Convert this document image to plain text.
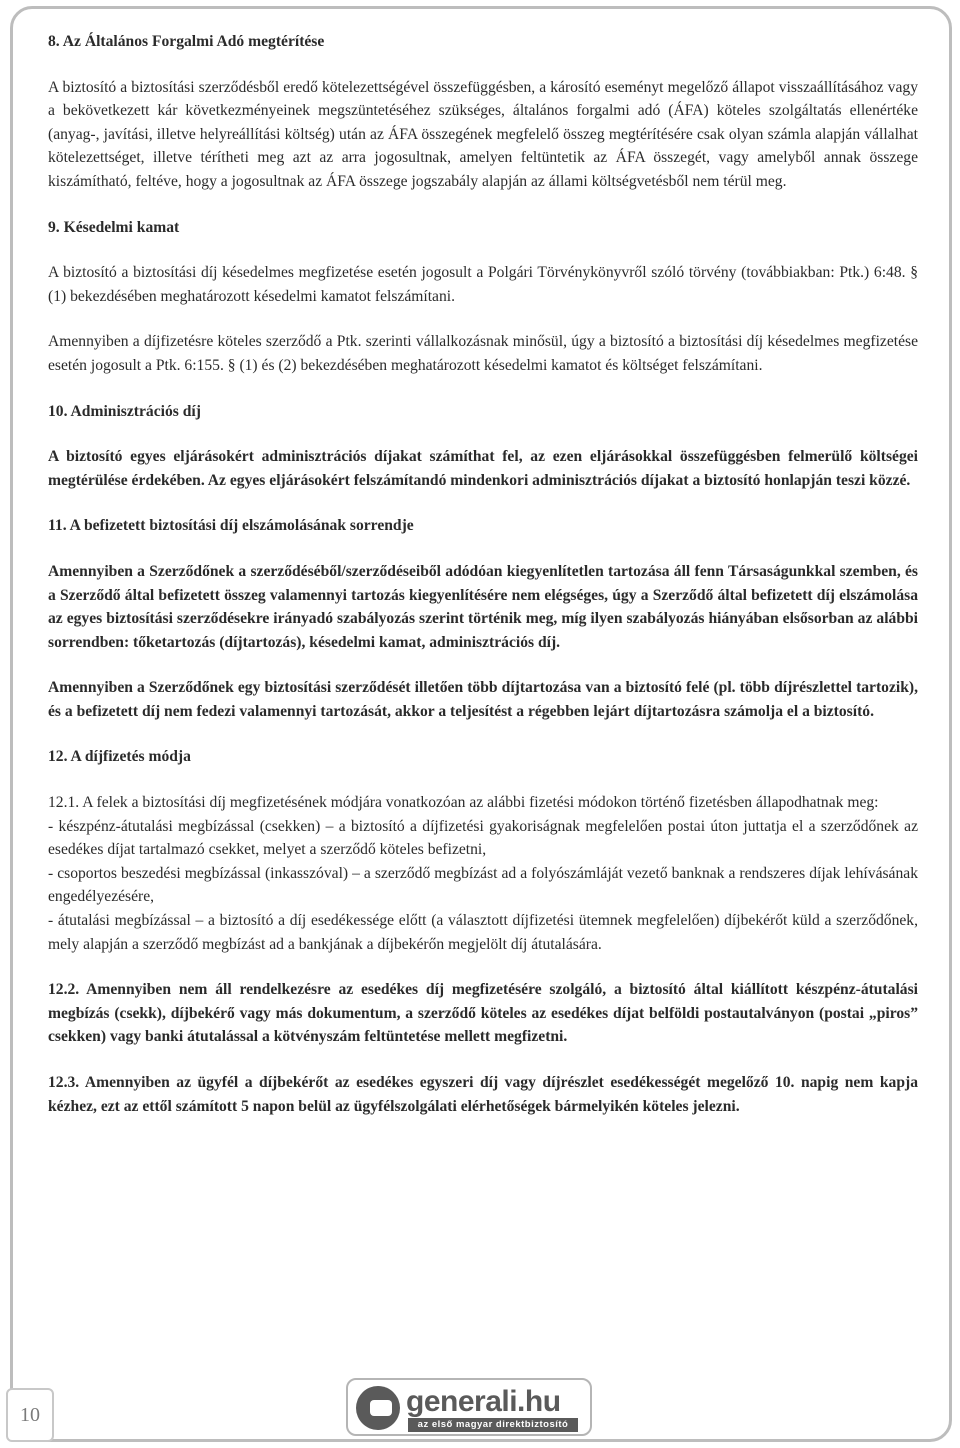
8. Az Általános Forgalmi Adó megtérítése

A biztosító a biztosítási szerződésből eredő kötelezettségével összefüggésben, a károsító eseményt megelőző állapot visszaállításához vagy a bekövetkezett kár következményeinek megszüntetéséhez szükséges, általános forgalmi adó (ÁFA) köteles szolgáltatás ellenértéke (anyag-, javítási, illetve helyreállítási költség) után az ÁFA összegének megfelelő összeg megtérítésére csak olyan számla alapján vállalhat kötelezettséget, illetve térítheti meg azt az arra jogosultnak, amelyen feltüntetik az ÁFA összegét, vagy amelyből annak összege kiszámítható, feltéve, hogy a jogosultnak az ÁFA összege jogszabály alapján az állami költségvetésből nem térül meg.

9. Késedelmi kamat

A biztosító a biztosítási díj késedelmes megfizetése esetén jogosult a Polgári Törvénykönyvről szóló törvény (továbbiakban: Ptk.) 6:48. § (1) bekezdésében meghatározott késedelmi kamatot felszámítani.

Amennyiben a díjfizetésre köteles szerződő a Ptk. szerinti vállalkozásnak minősül, úgy a biztosító a biztosítási díj késedelmes megfizetése esetén jogosult a Ptk. 6:155. § (1) és (2) bekezdésében meghatározott késedelmi kamatot és költséget felszámítani.

10. Adminisztrációs díj

A biztosító egyes eljárásokért adminisztrációs díjakat számíthat fel, az ezen eljárásokkal összefüggésben felmerülő költségei megtérülése érdekében. Az egyes eljárásokért felszámítandó mindenkori adminisztrációs díjakat a biztosító honlapján teszi közzé.

11. A befizetett biztosítási díj elszámolásának sorrendje

Amennyiben a Szerződőnek a szerződéséből/szerződéseiből adódóan kiegyenlítetlen tartozása áll fenn Társaságunkkal szemben, és a Szerződő által befizetett összeg valamennyi tartozás kiegyenlítésére nem elégséges, úgy a Szerződő által befizetett díj elszámolása az egyes biztosítási szerződésekre irányadó szabályozás szerint történik meg, míg ilyen szabályozás hiányában elsősorban az alábbi sorrendben: tőketartozás (díjtartozás), késedelmi kamat, adminisztrációs díj.

Amennyiben a Szerződőnek egy biztosítási szerződését illetően több díjtartozása van a biztosító felé (pl. több díjrészlettel tartozik), és a befizetett díj nem fedezi valamennyi tartozását, akkor a teljesítést a régebben lejárt díjtartozásra számolja el a biztosító.

12. A díjfizetés módja

12.1. A felek a biztosítási díj megfizetésének módjára vonatkozóan az alábbi fizetési módokon történő fizetésben állapodhatnak meg:

- készpénz-átutalási megbízással (csekken) – a biztosító a díjfizetési gyakoriságnak megfelelően postai úton juttatja el a szerződőnek az esedékes díjat tartalmazó csekket, melyet a szerződő köteles befizetni,

- csoportos beszedési megbízással (inkasszóval) – a szerződő megbízást ad a folyószámláját vezető banknak a rendszeres díjak lehívásának engedélyezésére,

- átutalási megbízással – a biztosító a díj esedékessége előtt (a választott díjfizetési ütemnek megfelelően) díjbekérőt küld a szerződőnek, mely alapján a szerződő megbízást ad a bankjának a díjbekérőn megjelölt díj átutalására.

12.2. Amennyiben nem áll rendelkezésre az esedékes díj megfizetésére szolgáló, a biztosító által kiállított készpénz-átutalási megbízás (csekk), díjbekérő vagy más dokumentum, a szerződő köteles az esedékes díjat belföldi postautalványon (postai „piros” csekken) vagy banki átutalással a kötvényszám feltüntetése mellett megfizetni.

12.3. Amennyiben az ügyfél a díjbekérőt az esedékes egyszeri díj vagy díjrészlet esedékességét megelőző 10. napig nem kapja kézhez, ezt az ettől számított 5 napon belül az ügyfélszolgálati elérhetőségek bármelyikén köteles jelezni.

10	generali.hu
az első magyar direktbiztosító
